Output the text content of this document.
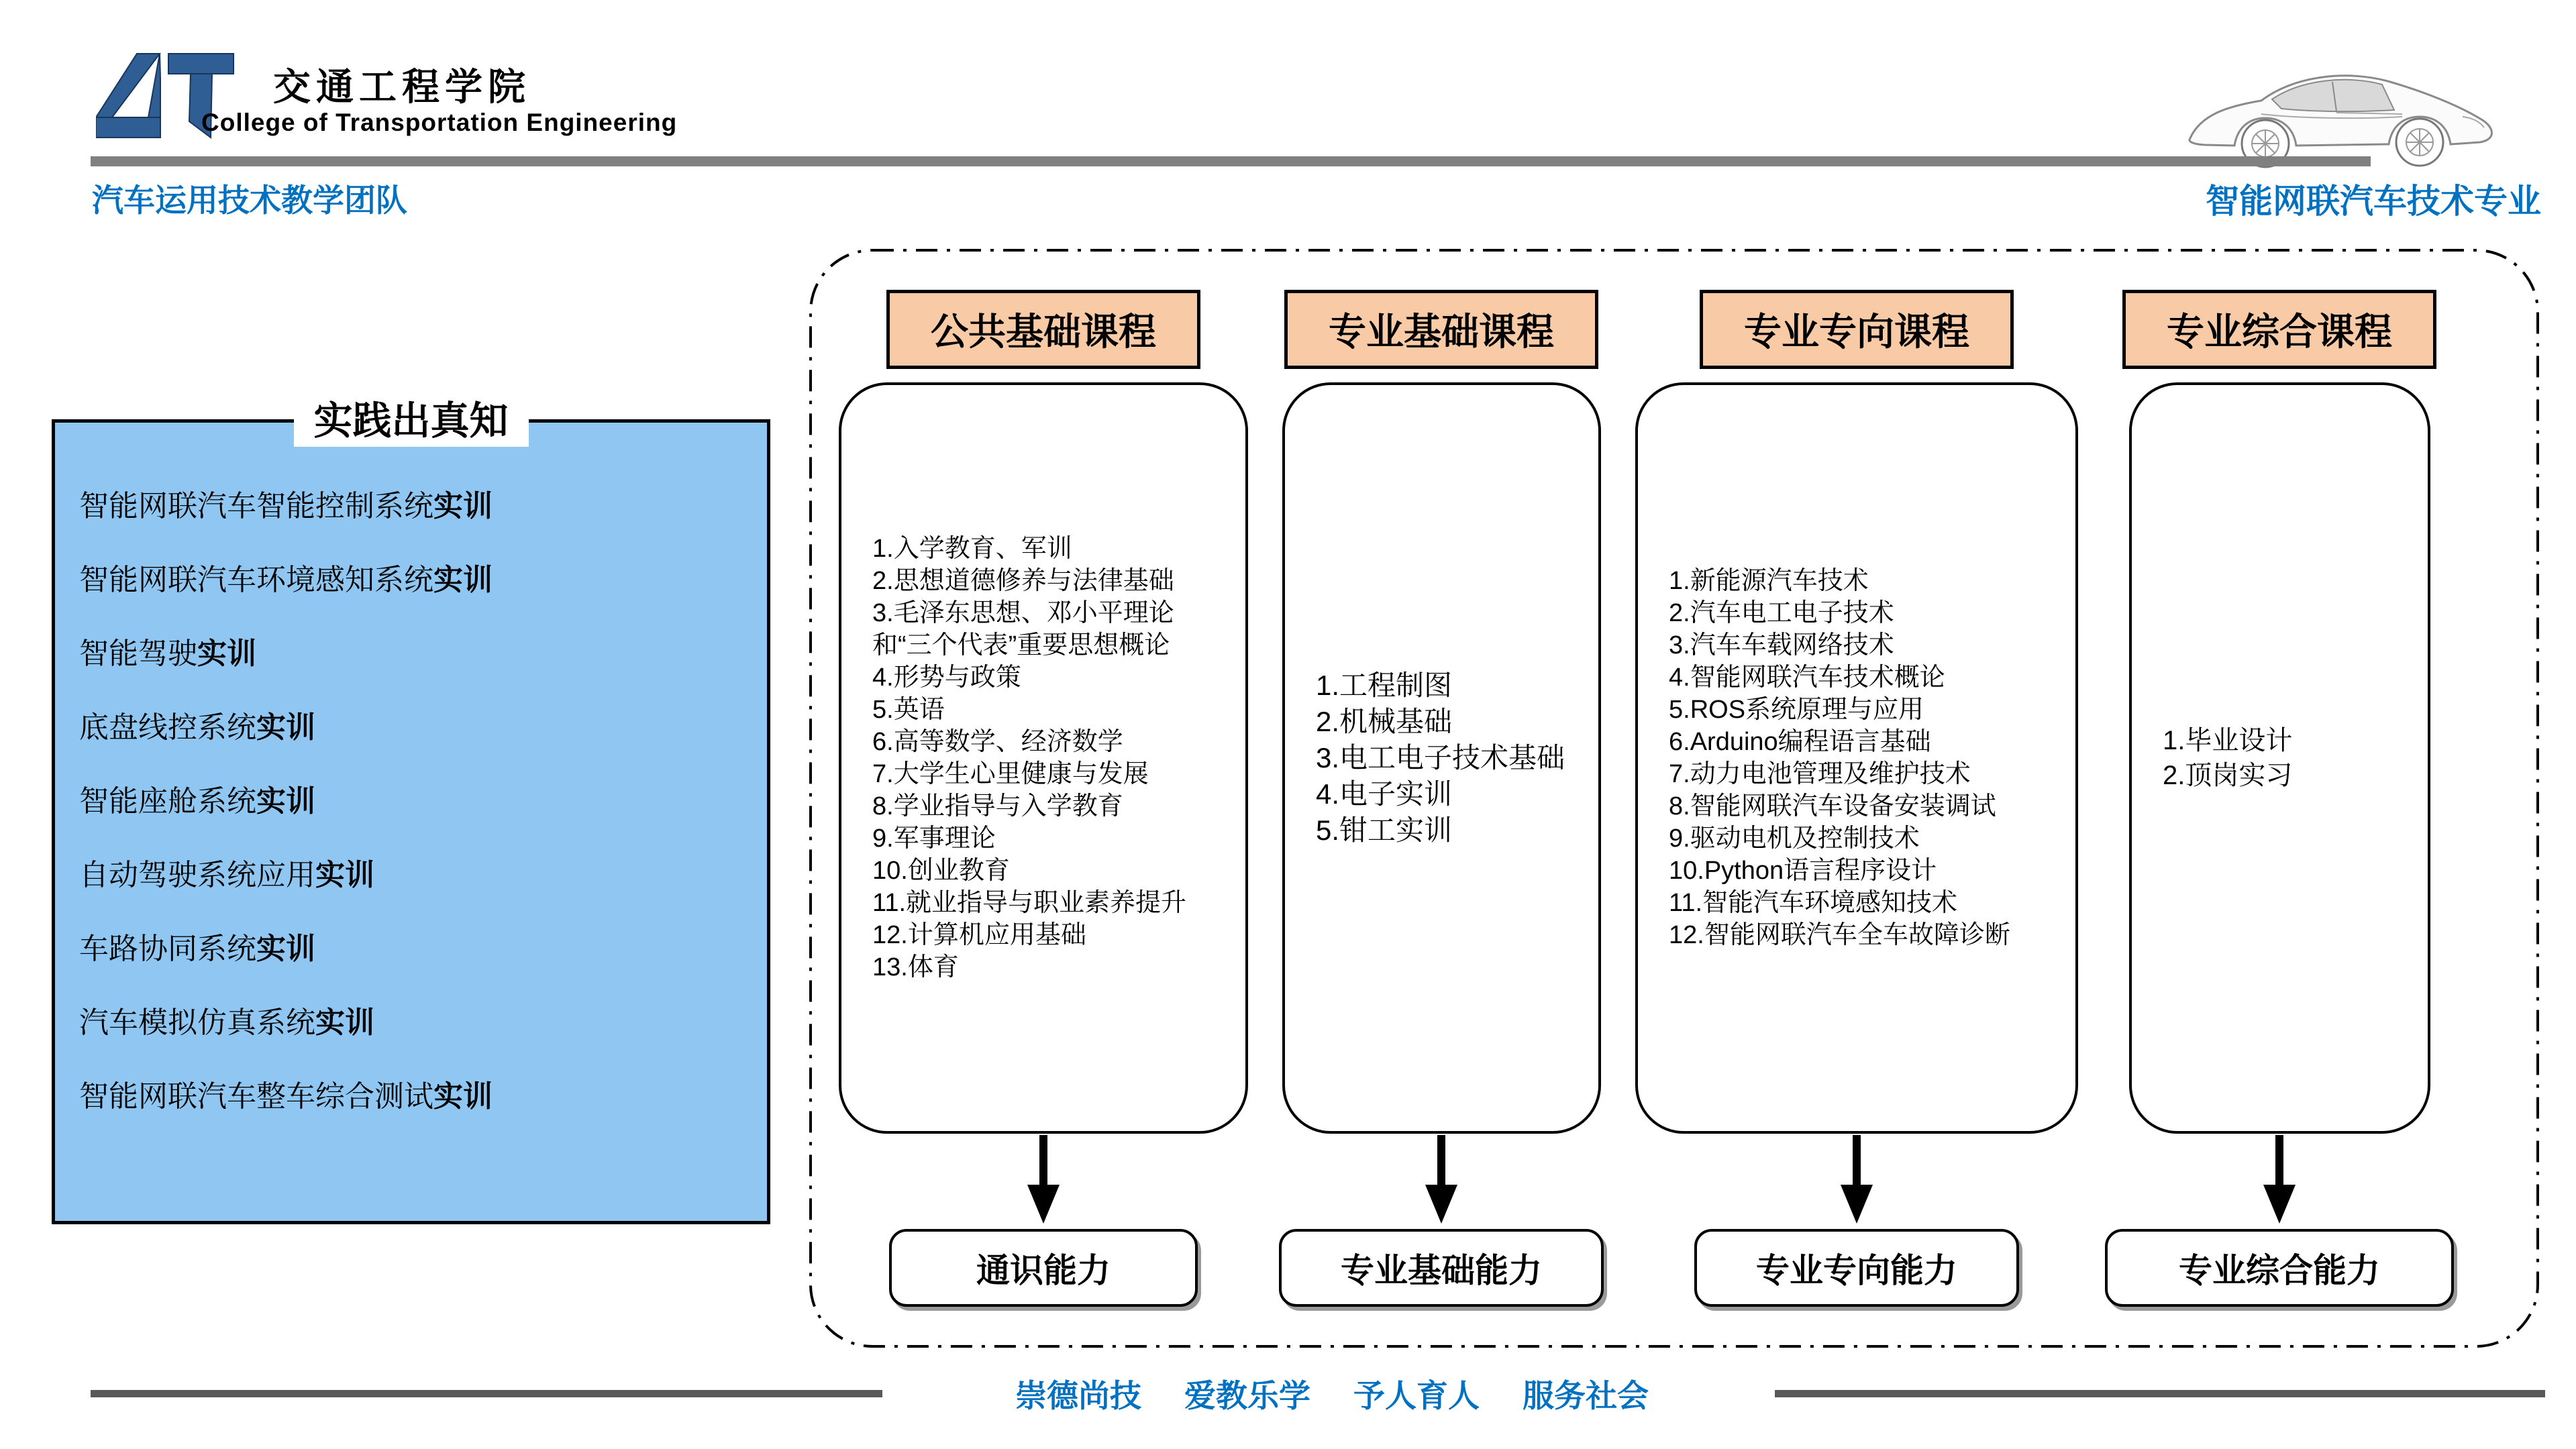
交通工程学院
College of Transportation Engineering
汽车运用技术教学团队	智能网联汽车技术专业
实践出真知
智能网联汽车智能控制系统实训
智能网联汽车环境感知系统实训
智能驾驶实训
底盘线控系统实训
智能座舱系统实训
自动驾驶系统应用实训
车路协同系统实训
汽车模拟仿真系统实训
智能网联汽车整车综合测试实训
公共基础课程
1.入学教育、军训
2.思想道德修养与法律基础
3.毛泽东思想、邓小平理论
和“三个代表”重要思想概论
4.形势与政策
5.英语
6.高等数学、经济数学
7.大学生心里健康与发展
8.学业指导与入学教育
9.军事理论
10.创业教育
11.就业指导与职业素养提升
12.计算机应用基础
13.体育
通识能力
专业基础课程
1.工程制图
2.机械基础
3.电工电子技术基础
4.电子实训
5.钳工实训
专业基础能力
专业专向课程
1.新能源汽车技术
2.汽车电工电子技术
3.汽车车载网络技术
4.智能网联汽车技术概论
5.ROS系统原理与应用
6.Arduino编程语言基础
7.动力电池管理及维护技术
8.智能网联汽车设备安装调试
9.驱动电机及控制技术
10.Python语言程序设计
11.智能汽车环境感知技术
12.智能网联汽车全车故障诊断
专业专向能力
专业综合课程
1.毕业设计
2.顶岗实习
专业综合能力
崇德尚技 爱教乐学 予人育人 服务社会
